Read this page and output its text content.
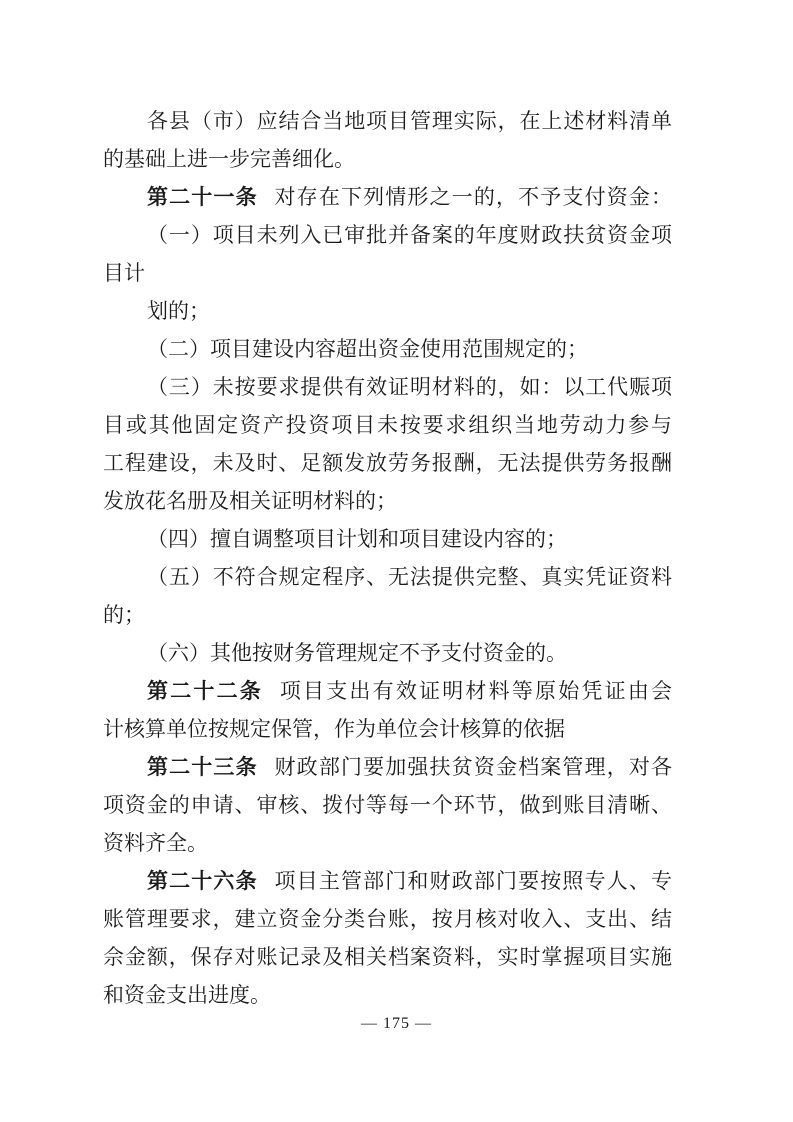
各县（市）应结合当地项目管理实际，在上述材料清单
的基础上进一步完善细化。
第二十一条 对存在下列情形之一的，不予支付资金：
（一）项目未列入已审批并备案的年度财政扶贫资金项
目计
划的；
（二）项目建设内容超出资金使用范围规定的；
（三）未按要求提供有效证明材料的，如：以工代赈项
目或其他固定资产投资项目未按要求组织当地劳动力参与
工程建设，未及时、足额发放劳务报酬，无法提供劳务报酬
发放花名册及相关证明材料的；
（四）擅自调整项目计划和项目建设内容的；
（五）不符合规定程序、无法提供完整、真实凭证资料
的；
（六）其他按财务管理规定不予支付资金的。
第二十二条 项目支出有效证明材料等原始凭证由会
计核算单位按规定保管，作为单位会计核算的依据
第二十三条 财政部门要加强扶贫资金档案管理，对各
项资金的申请、审核、拨付等每一个环节，做到账目清晰、
资料齐全。
第二十六条 项目主管部门和财政部门要按照专人、专
账管理要求，建立资金分类台账，按月核对收入、支出、结
佘金额，保存对账记录及相关档案资料，实时掌握项目实施
和资金支出进度。
— 175 —
